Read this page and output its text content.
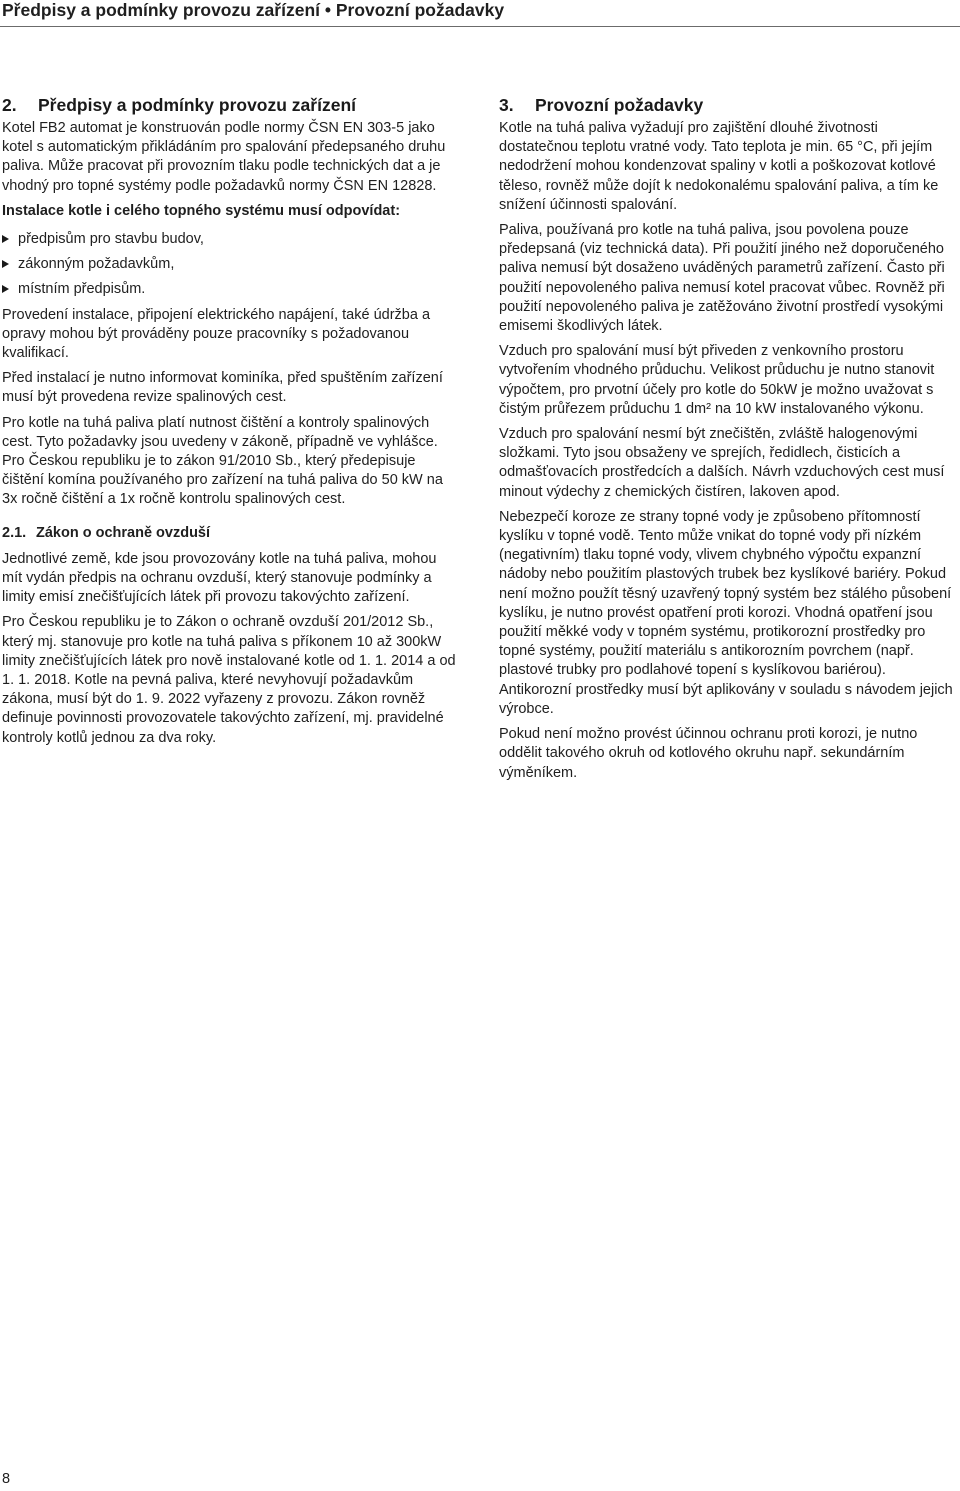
Předpisy a podmínky provozu zařízení • Provozní požadavky
2. Předpisy a podmínky provozu zařízení

Kotel FB2 automat je konstruován podle normy ČSN EN 303-5 jako kotel s automatickým přikládáním pro spalování předepsaného druhu paliva. Může pracovat při provozním tlaku podle technických dat a je vhodný pro topné systémy podle požadavků normy ČSN EN 12828.

Instalace kotle i celého topného systému musí odpovídat:

předpisům pro stavbu budov,
zákonným požadavkům,
místním předpisům.

Provedení instalace, připojení elektrického napájení, také údržba a opravy mohou být prováděny pouze pracovníky s požadovanou kvalifikací.

Před instalací je nutno informovat kominíka, před spuštěním zařízení musí být provedena revize spalinových cest.

Pro kotle na tuhá paliva platí nutnost čištění a kontroly spalinových cest. Tyto požadavky jsou uvedeny v zákoně, případně ve vyhlášce. Pro Českou republiku je to zákon 91/2010 Sb., který předepisuje čištění komína používaného pro zařízení na tuhá paliva do 50 kW na 3x ročně čištění a 1x ročně kontrolu spalinových cest.

2.1. Zákon o ochraně ovzduší

Jednotlivé země, kde jsou provozovány kotle na tuhá paliva, mohou mít vydán předpis na ochranu ovzduší, který stanovuje podmínky a limity emisí znečišťujících látek při provozu takovýchto zařízení.

Pro Českou republiku je to Zákon o ochraně ovzduší 201/2012 Sb., který mj. stanovuje pro kotle na tuhá paliva s příkonem 10 až 300kW limity znečišťujících látek pro nově instalované kotle od 1. 1. 2014 a od 1. 1. 2018. Kotle na pevná paliva, které nevyhovují požadavkům zákona, musí být do 1. 9. 2022 vyřazeny z provozu. Zákon rovněž definuje povinnosti provozovatele takovýchto zařízení, mj. pravidelné kontroly kotlů jednou za dva roky.

3. Provozní požadavky

Kotle na tuhá paliva vyžadují pro zajištění dlouhé životnosti dostatečnou teplotu vratné vody. Tato teplota je min. 65 °C, při jejím nedodržení mohou kondenzovat spaliny v kotli a poškozovat kotlové těleso, rovněž může dojít k nedokonalému spalování paliva, a tím ke snížení účinnosti spalování.

Paliva, používaná pro kotle na tuhá paliva, jsou povolena pouze předepsaná (viz technická data). Při použití jiného než doporučeného paliva nemusí být dosaženo uváděných parametrů zařízení. Často při použití nepovoleného paliva nemusí kotel pracovat vůbec. Rovněž při použití nepovoleného paliva je zatěžováno životní prostředí vysokými emisemi škodlivých látek.

Vzduch pro spalování musí být přiveden z venkovního prostoru vytvořením vhodného průduchu. Velikost průduchu je nutno stanovit výpočtem, pro prvotní účely pro kotle do 50kW je možno uvažovat s čistým průřezem průduchu 1 dm² na 10 kW instalovaného výkonu.

Vzduch pro spalování nesmí být znečištěn, zvláště halogenovými složkami. Tyto jsou obsaženy ve sprejích, ředidlech, čisticích a odmašťovacích prostředcích a dalších. Návrh vzduchových cest musí minout výdechy z chemických čistíren, lakoven apod.

Nebezpečí koroze ze strany topné vody je způsobeno přítomností kyslíku v topné vodě. Tento může vnikat do topné vody při nízkém (negativním) tlaku topné vody, vlivem chybného výpočtu expanzní nádoby nebo použitím plastových trubek bez kyslíkové bariéry. Pokud není možno použít těsný uzavřený topný systém bez stálého působení kyslíku, je nutno provést opatření proti korozi. Vhodná opatření jsou použití měkké vody v topném systému, protikorozní prostředky pro topné systémy, použití materiálu s antikorozním povrchem (např. plastové trubky pro podlahové topení s kyslíkovou bariérou). Antikorozní prostředky musí být aplikovány v souladu s návodem jejich výrobce.

Pokud není možno provést účinnou ochranu proti korozi, je nutno oddělit takového okruh od kotlového okruhu např. sekundárním výměníkem.

8
